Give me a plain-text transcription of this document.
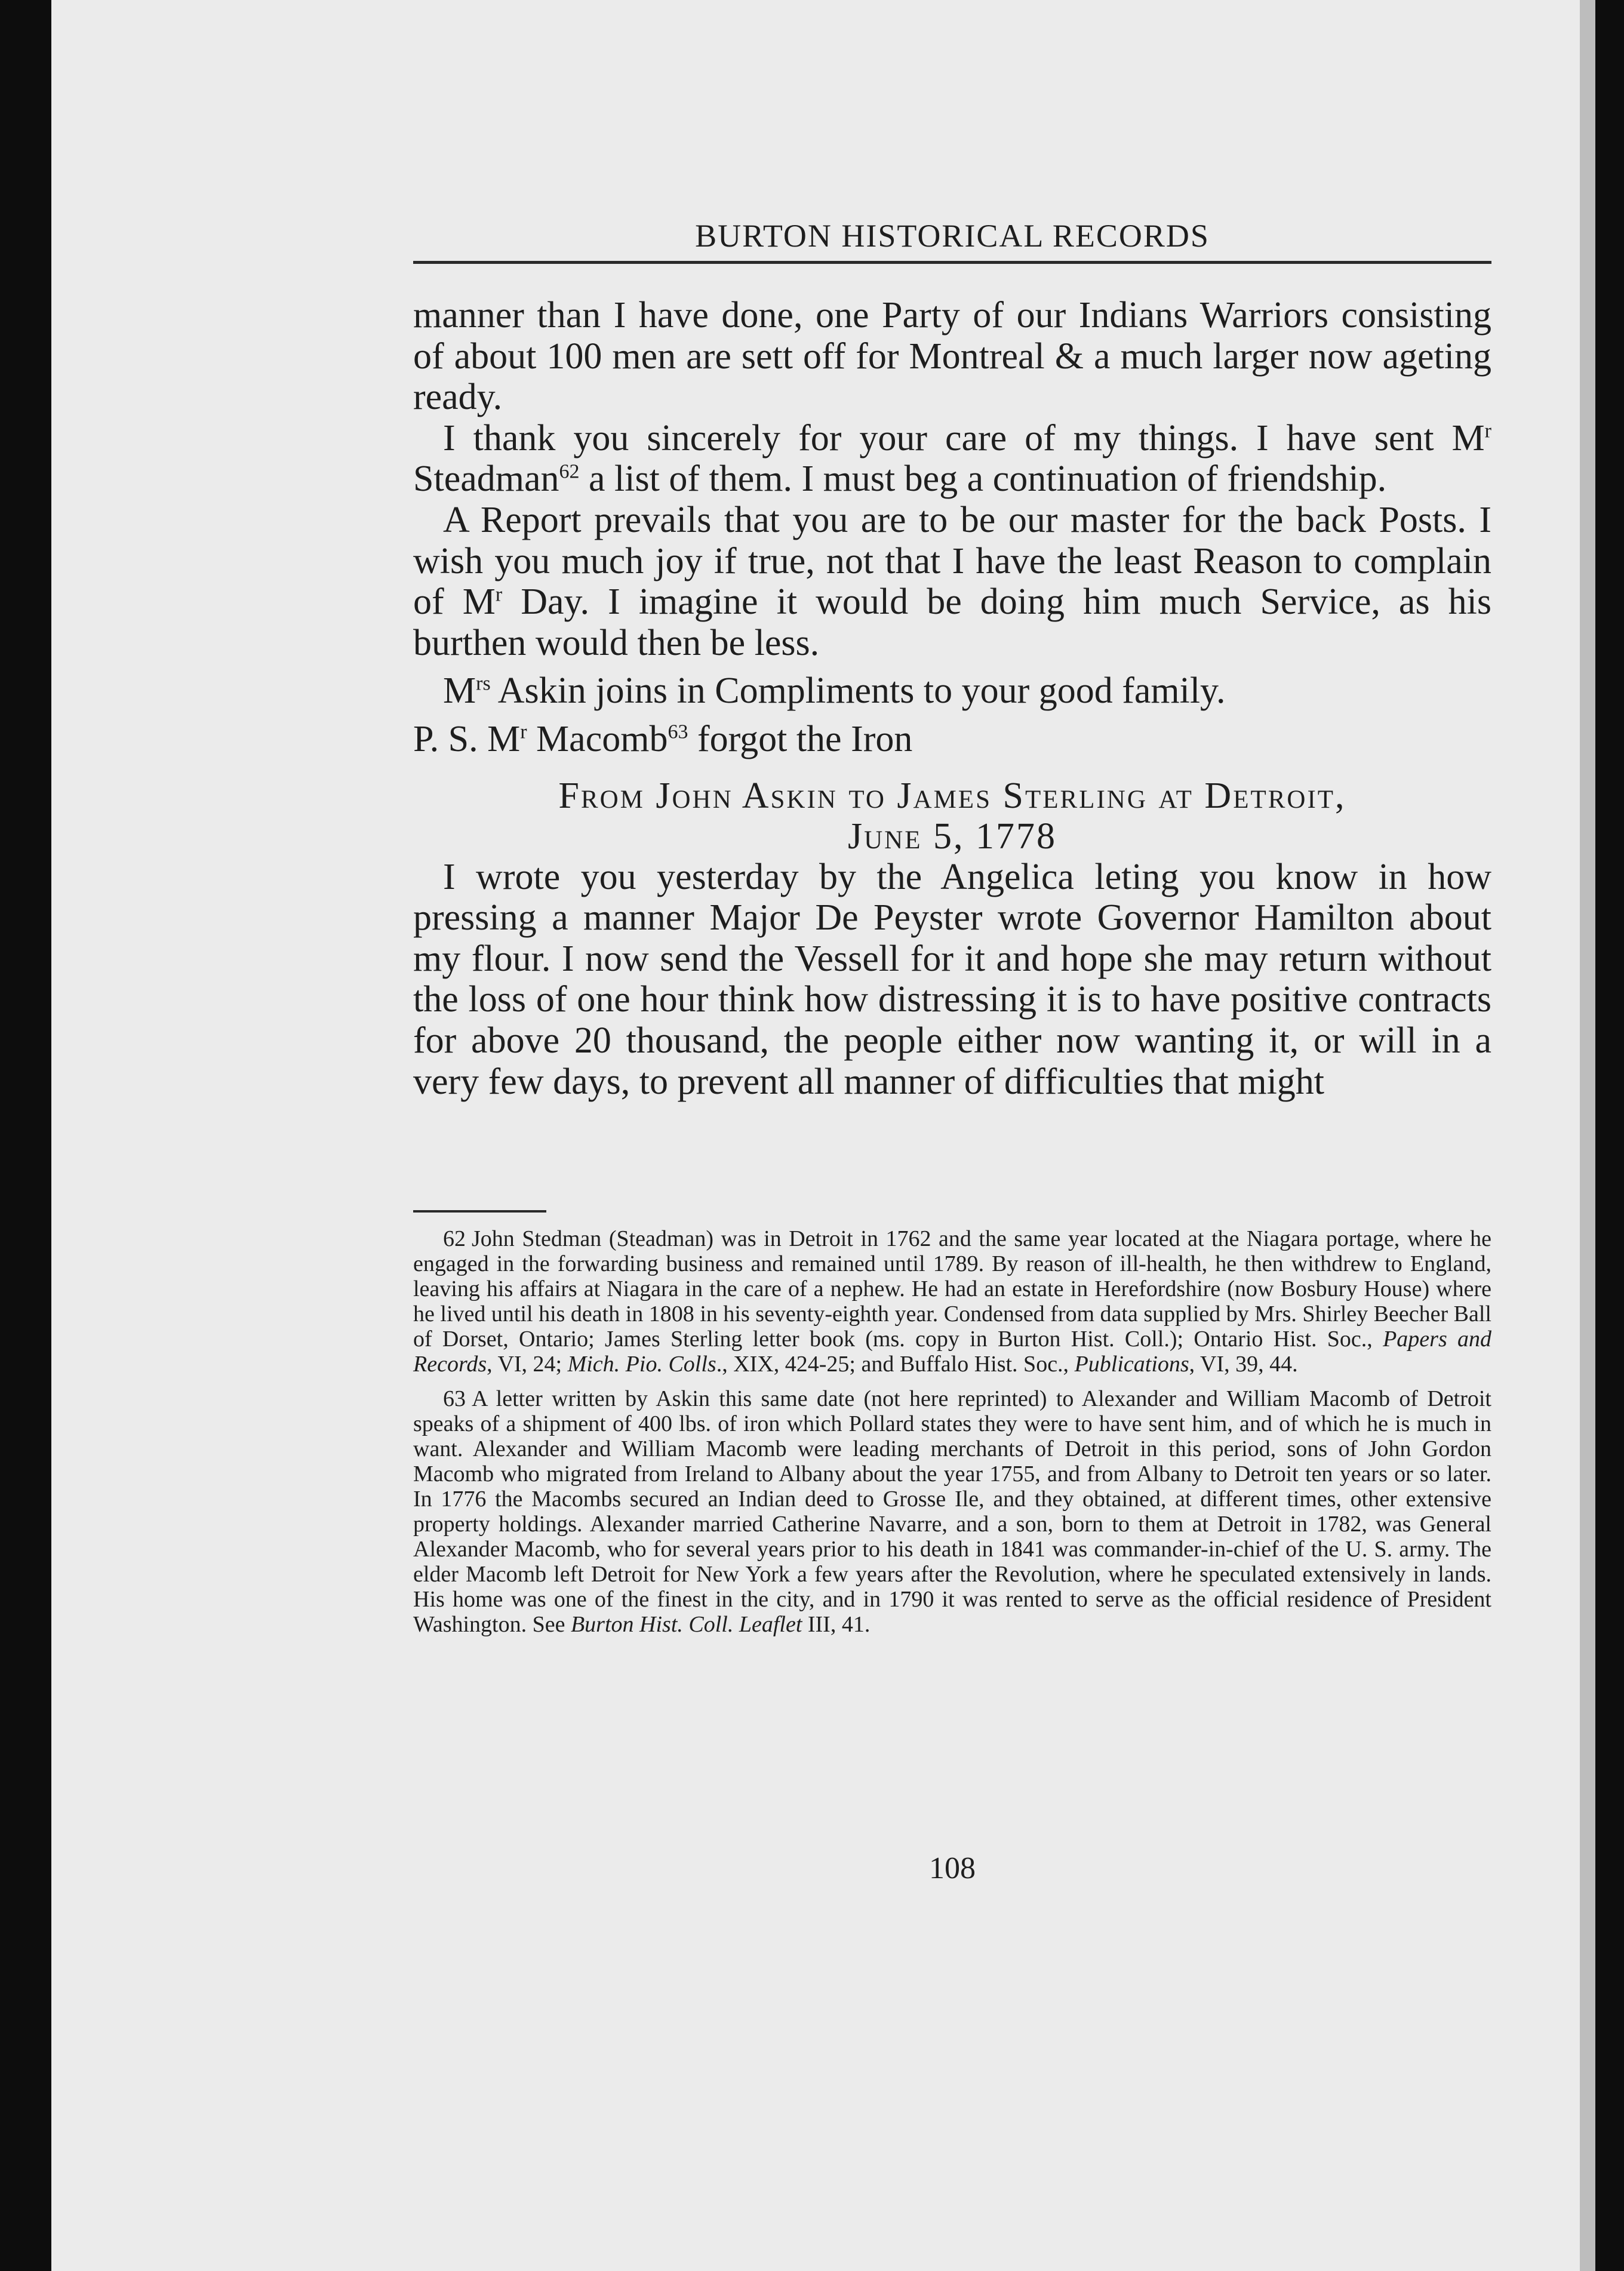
BURTON HISTORICAL RECORDS

manner than I have done, one Party of our Indians Warriors consisting of about 100 men are sett off for Montreal & a much larger now ageting ready.

I thank you sincerely for your care of my things. I have sent $M^r$ Steadman$^{62}$ a list of them. I must beg a continuation of friendship.

A Report prevails that you are to be our master for the back Posts. I wish you much joy if true, not that I have the least Reason to complain of $M^r$ Day. I imagine it would be doing him much Service, as his burthen would then be less.

$M^{rs}$ Askin joins in Compliments to your good family.

P. S. $M^r$ Macomb$^{63}$ forgot the Iron

From John Askin to James Sterling at Detroit,
June 5, 1778

I wrote you yesterday by the Angelica leting you know in how pressing a manner Major De Peyster wrote Governor Hamilton about my flour. I now send the Vessell for it and hope she may return without the loss of one hour think how distressing it is to have positive contracts for above 20 thousand, the people either now wanting it, or will in a very few days, to prevent all manner of difficulties that might

62 John Stedman (Steadman) was in Detroit in 1762 and the same year located at the Niagara portage, where he engaged in the forwarding business and remained until 1789. By reason of ill-health, he then withdrew to England, leaving his affairs at Niagara in the care of a nephew. He had an estate in Herefordshire (now Bosbury House) where he lived until his death in 1808 in his seventy-eighth year. Condensed from data supplied by Mrs. Shirley Beecher Ball of Dorset, Ontario; James Sterling letter book (ms. copy in Burton Hist. Coll.); Ontario Hist. Soc., Papers and Records, VI, 24; Mich. Pio. Colls., XIX, 424-25; and Buffalo Hist. Soc., Publications, VI, 39, 44.

63 A letter written by Askin this same date (not here reprinted) to Alexander and William Macomb of Detroit speaks of a shipment of 400 lbs. of iron which Pollard states they were to have sent him, and of which he is much in want. Alexander and William Macomb were leading merchants of Detroit in this period, sons of John Gordon Macomb who migrated from Ireland to Albany about the year 1755, and from Albany to Detroit ten years or so later. In 1776 the Macombs secured an Indian deed to Grosse Ile, and they obtained, at different times, other extensive property holdings. Alexander married Catherine Navarre, and a son, born to them at Detroit in 1782, was General Alexander Macomb, who for several years prior to his death in 1841 was commander-in-chief of the U. S. army. The elder Macomb left Detroit for New York a few years after the Revolution, where he speculated extensively in lands. His home was one of the finest in the city, and in 1790 it was rented to serve as the official residence of President Washington. See Burton Hist. Coll. Leaflet III, 41.

108
